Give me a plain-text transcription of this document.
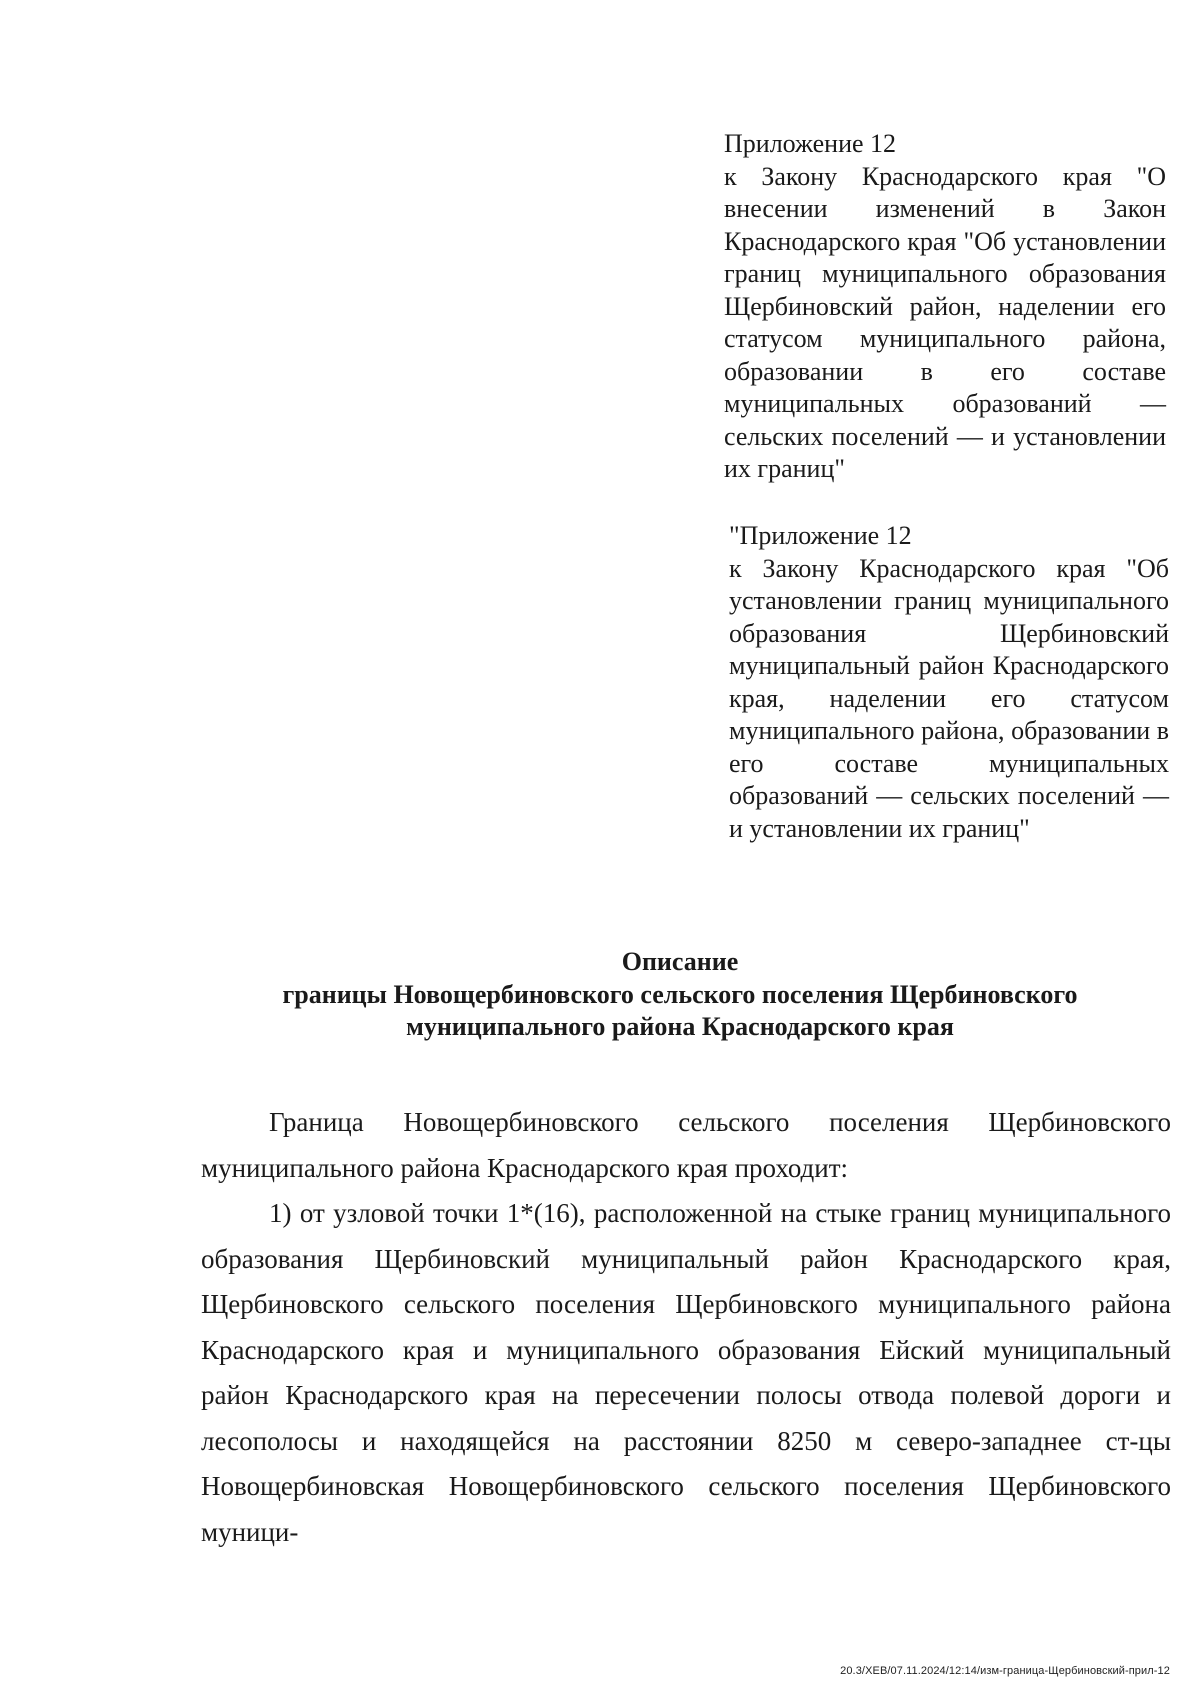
Приложение 12
к Закону Краснодарского края "О внесении изменений в Закон Краснодарского края "Об установлении границ муниципального образования Щербиновский район, наделении его статусом муниципального района, образовании в его составе муниципальных образований — сельских поселений — и установлении их границ"

"Приложение 12
к Закону Краснодарского края "Об установлении границ муниципального образования Щербиновский муниципальный район Краснодарского края, наделении его статусом муниципального района, образовании в его составе муниципальных образований — сельских поселений — и установлении их границ"

Описание
границы Новощербиновского сельского поселения Щербиновского
муниципального района Краснодарского края

Граница Новощербиновского сельского поселения Щербиновского муниципального района Краснодарского края проходит:

1) от узловой точки 1*(16), расположенной на стыке границ муниципального образования Щербиновский муниципальный район Краснодарского края, Щербиновского сельского поселения Щербиновского муниципального района Краснодарского края и муниципального образования Ейский муниципальный район Краснодарского края на пересечении полосы отвода полевой дороги и лесополосы и находящейся на расстоянии 8250 м северо-западнее ст-цы Новощербиновская Новощербиновского сельского поселения Щербиновского муници-

20.3/ХЕВ/07.11.2024/12:14/изм-граница-Щербиновский-прил-12
